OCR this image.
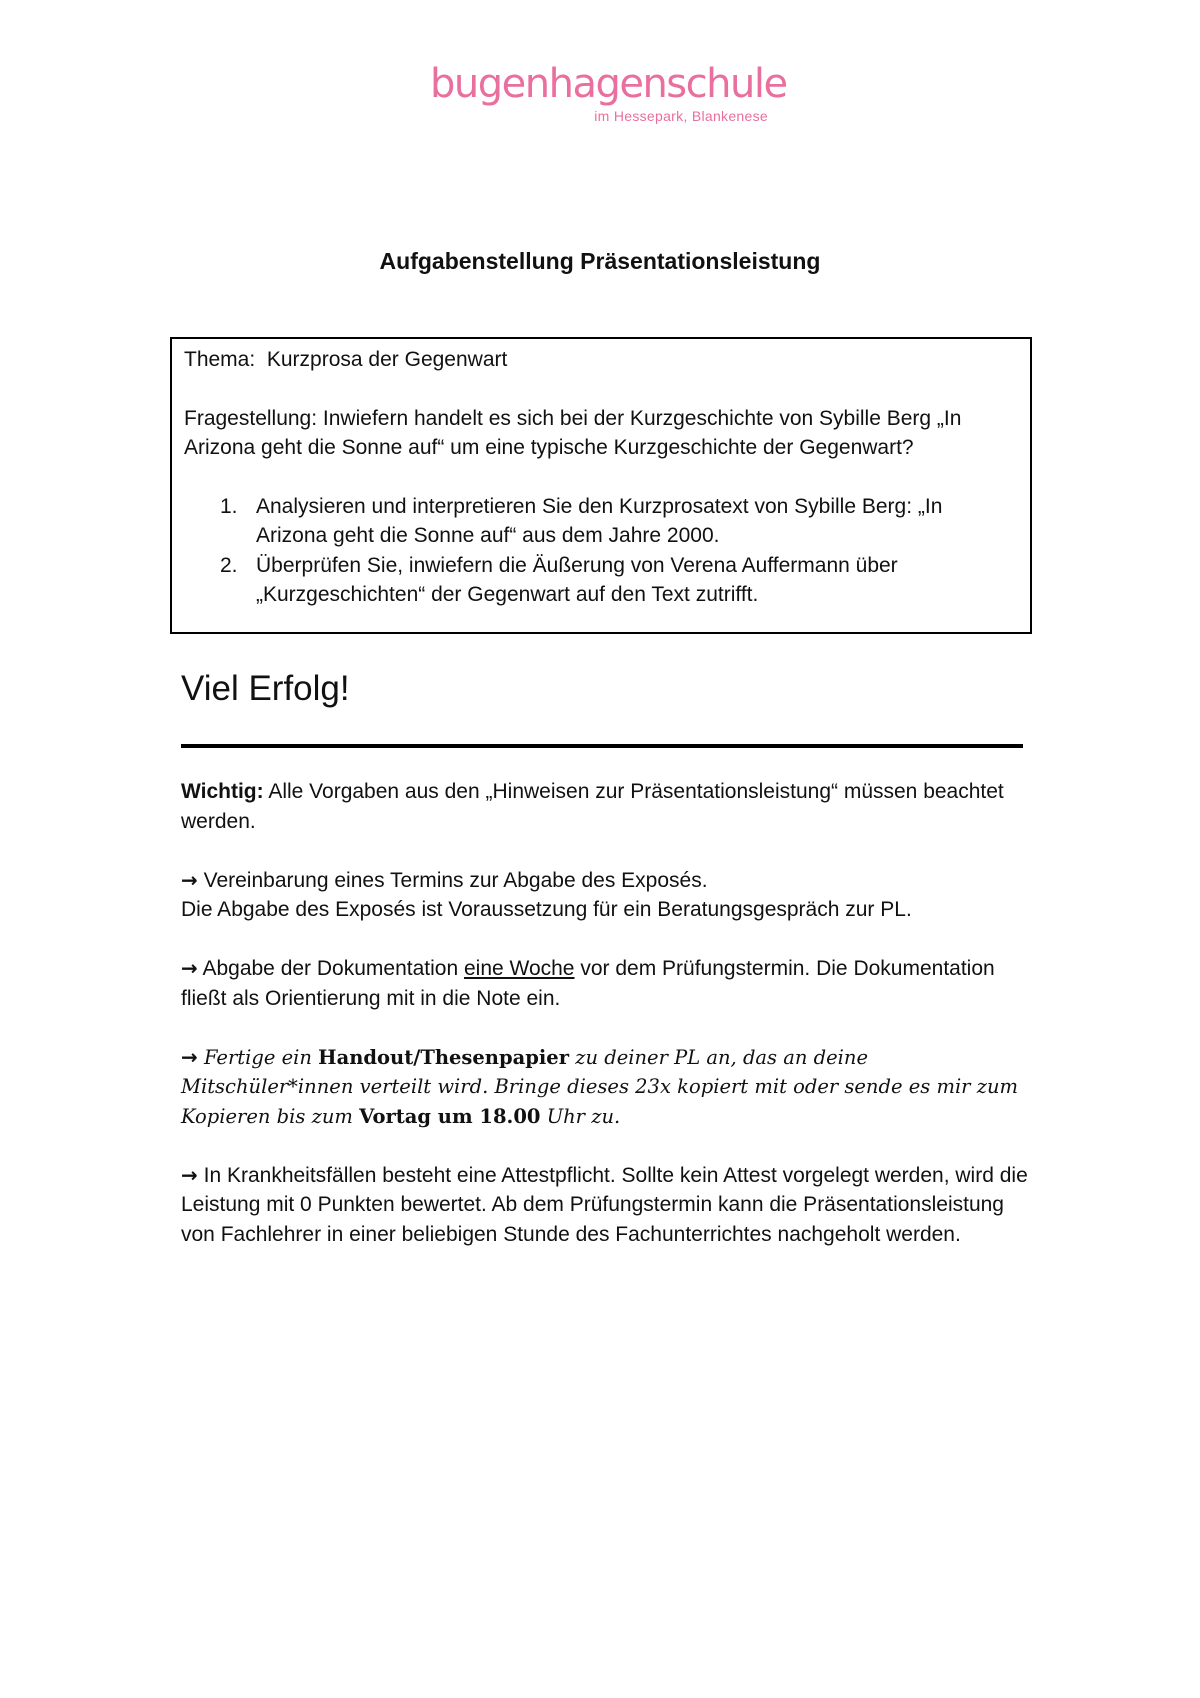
bugenhagenschule
im Hessepark, Blankenese
Aufgabenstellung Präsentationsleistung

Thema: Kurzprosa der Gegenwart

Fragestellung: Inwiefern handelt es sich bei der Kurzgeschichte von Sybille Berg „In Arizona geht die Sonne auf“ um eine typische Kurzgeschichte der Gegenwart?

1. Analysieren und interpretieren Sie den Kurzprosatext von Sybille Berg: „In Arizona geht die Sonne auf“ aus dem Jahre 2000.
2. Überprüfen Sie, inwiefern die Äußerung von Verena Auffermann über „Kurzgeschichten“ der Gegenwart auf den Text zutrifft.
Viel Erfolg!

Wichtig: Alle Vorgaben aus den „Hinweisen zur Präsentationsleistung“ müssen beachtet werden.

→ Vereinbarung eines Termins zur Abgabe des Exposés.
Die Abgabe des Exposés ist Voraussetzung für ein Beratungsgespräch zur PL.

→ Abgabe der Dokumentation eine Woche vor dem Prüfungstermin. Die Dokumentation fließt als Orientierung mit in die Note ein.

→ Fertige ein Handout/Thesenpapier zu deiner PL an, das an deine Mitschüler*innen verteilt wird. Bringe dieses 23x kopiert mit oder sende es mir zum Kopieren bis zum Vortag um 18.00 Uhr zu.

→ In Krankheitsfällen besteht eine Attestpflicht. Sollte kein Attest vorgelegt werden, wird die Leistung mit 0 Punkten bewertet. Ab dem Prüfungstermin kann die Präsentationsleistung von Fachlehrer in einer beliebigen Stunde des Fachunterrichtes nachgeholt werden.
